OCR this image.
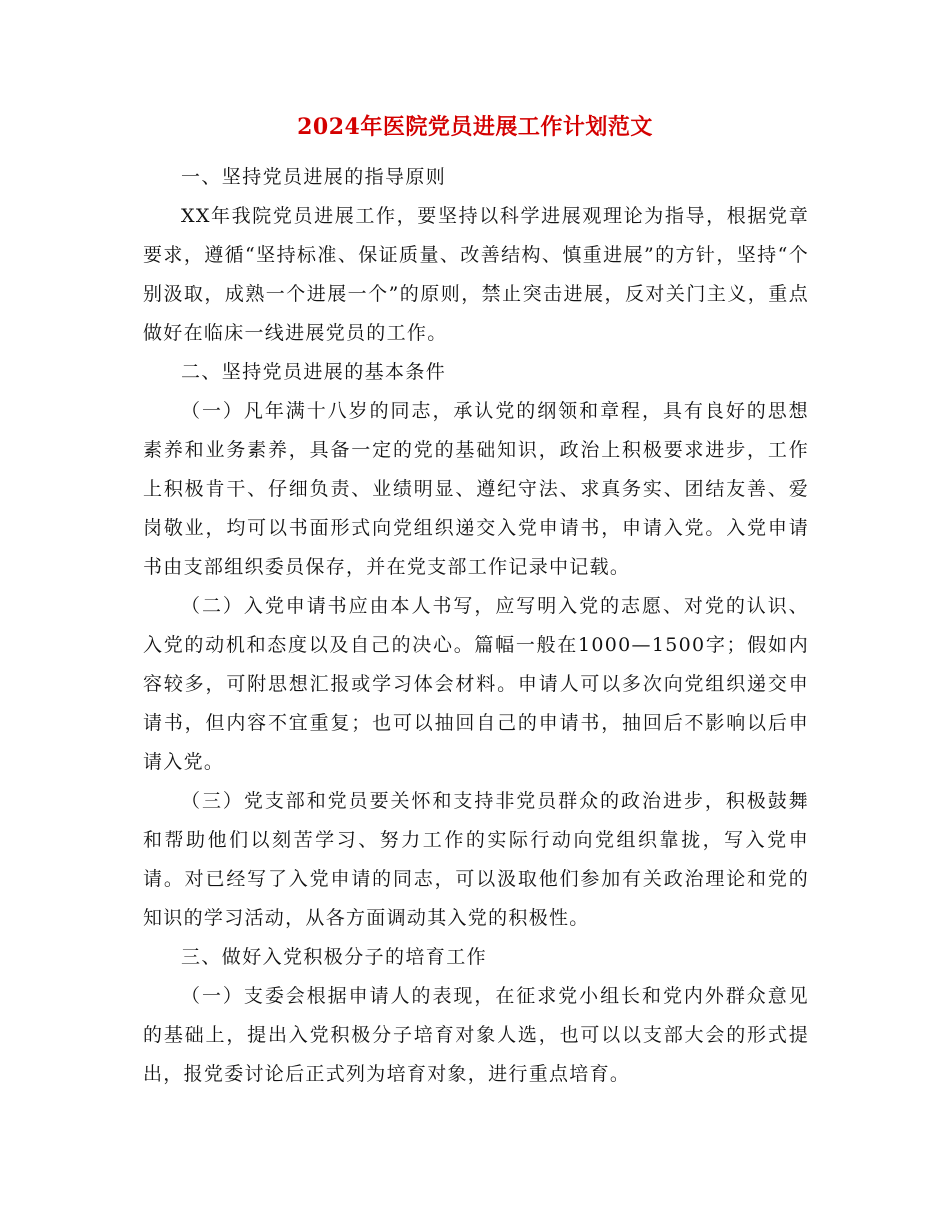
2024年医院党员进展工作计划范文

一、坚持党员进展的指导原则

XX年我院党员进展工作，要坚持以科学进展观理论为指导，根据党章要求，遵循“坚持标准、保证质量、改善结构、慎重进展”的方针，坚持“个别汲取，成熟一个进展一个”的原则，禁止突击进展，反对关门主义，重点做好在临床一线进展党员的工作。

二、坚持党员进展的基本条件

（一）凡年满十八岁的同志，承认党的纲领和章程，具有良好的思想素养和业务素养，具备一定的党的基础知识，政治上积极要求进步，工作上积极肯干、仔细负责、业绩明显、遵纪守法、求真务实、团结友善、爱岗敬业，均可以书面形式向党组织递交入党申请书，申请入党。入党申请书由支部组织委员保存，并在党支部工作记录中记载。

（二）入党申请书应由本人书写，应写明入党的志愿、对党的认识、入党的动机和态度以及自己的决心。篇幅一般在1000—1500字；假如内容较多，可附思想汇报或学习体会材料。申请人可以多次向党组织递交申请书，但内容不宜重复；也可以抽回自己的申请书，抽回后不影响以后申请入党。

（三）党支部和党员要关怀和支持非党员群众的政治进步，积极鼓舞和帮助他们以刻苦学习、努力工作的实际行动向党组织靠拢，写入党申请。对已经写了入党申请的同志，可以汲取他们参加有关政治理论和党的知识的学习活动，从各方面调动其入党的积极性。

三、做好入党积极分子的培育工作

（一）支委会根据申请人的表现，在征求党小组长和党内外群众意见的基础上，提出入党积极分子培育对象人选，也可以以支部大会的形式提出，报党委讨论后正式列为培育对象，进行重点培育。
